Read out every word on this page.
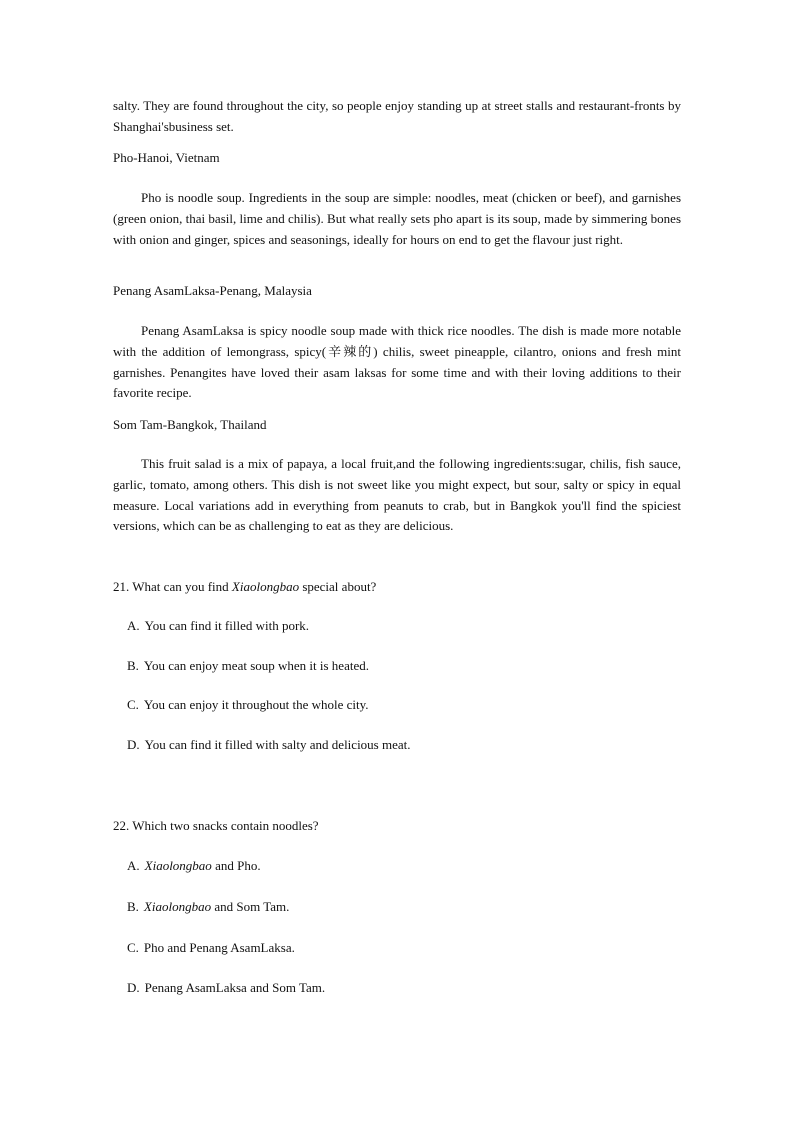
salty. They are found throughout the city, so people enjoy standing up at street stalls and restaurant-fronts by Shanghai'sbusiness set.

Pho-Hanoi, Vietnam

Pho is noodle soup. Ingredients in the soup are simple: noodles, meat (chicken or beef), and garnishes (green onion, thai basil, lime and chilis). But what really sets pho apart is its soup, made by simmering bones with onion and ginger, spices and seasonings, ideally for hours on end to get the flavour just right.

Penang AsamLaksa-Penang, Malaysia

Penang AsamLaksa is spicy noodle soup made with thick rice noodles. The dish is made more notable with the addition of lemongrass, spicy(辛辣的) chilis, sweet pineapple, cilantro, onions and fresh mint garnishes. Penangites have loved their asam laksas for some time and with their loving additions to their favorite recipe.

Som Tam-Bangkok, Thailand

This fruit salad is a mix of papaya, a local fruit,and the following ingredients:sugar, chilis, fish sauce, garlic, tomato, among others. This dish is not sweet like you might expect, but sour, salty or spicy in equal measure. Local variations add in everything from peanuts to crab, but in Bangkok you'll find the spiciest versions, which can be as challenging to eat as they are delicious.

21. What can you find Xiaolongbao special about?
A. You can find it filled with pork.
B. You can enjoy meat soup when it is heated.
C. You can enjoy it throughout the whole city.
D. You can find it filled with salty and delicious meat.
22. Which two snacks contain noodles?
A. Xiaolongbao and Pho.
B. Xiaolongbao and Som Tam.
C. Pho and Penang AsamLaksa.
D. Penang AsamLaksa and Som Tam.
